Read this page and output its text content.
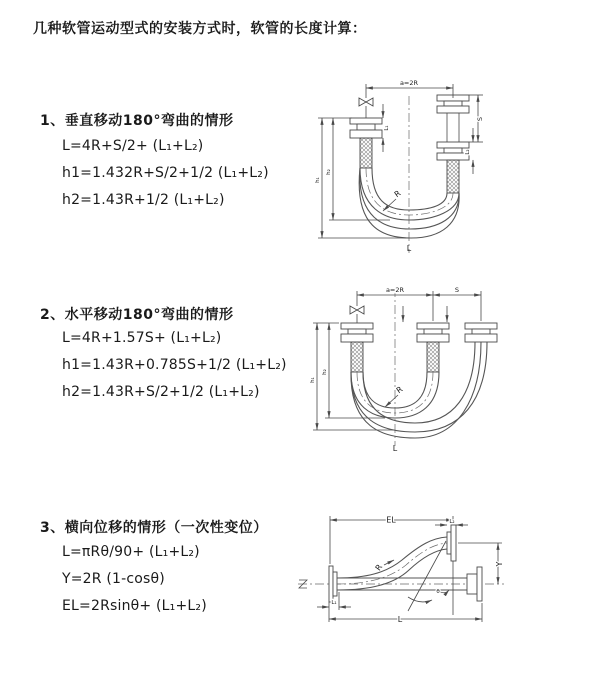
几种软管运动型式的安装方式时，软管的长度计算：
1、垂直移动180°弯曲的情形
L=4R+S/2+ (L₁+L₂)
h1=1.432R+S/2+1/2 (L₁+L₂)
h2=1.43R+1/2 (L₁+L₂)
2、水平移动180°弯曲的情形
L=4R+1.57S+ (L₁+L₂)
h1=1.43R+0.785S+1/2 (L₁+L₂)
h2=1.43R+S/2+1/2 (L₁+L₂)
3、横向位移的情形（一次性变位）
L=πRθ/90+ (L₁+L₂)
Y=2R (1-cosθ)
EL=2Rsinθ+ (L₁+L₂)
a=2R
h₁
h₂
L₁
S
L₂
R
L
a=2R	S
h₁
h₂
R
L
EL	L₂
Y
R
θ
L₁
L
